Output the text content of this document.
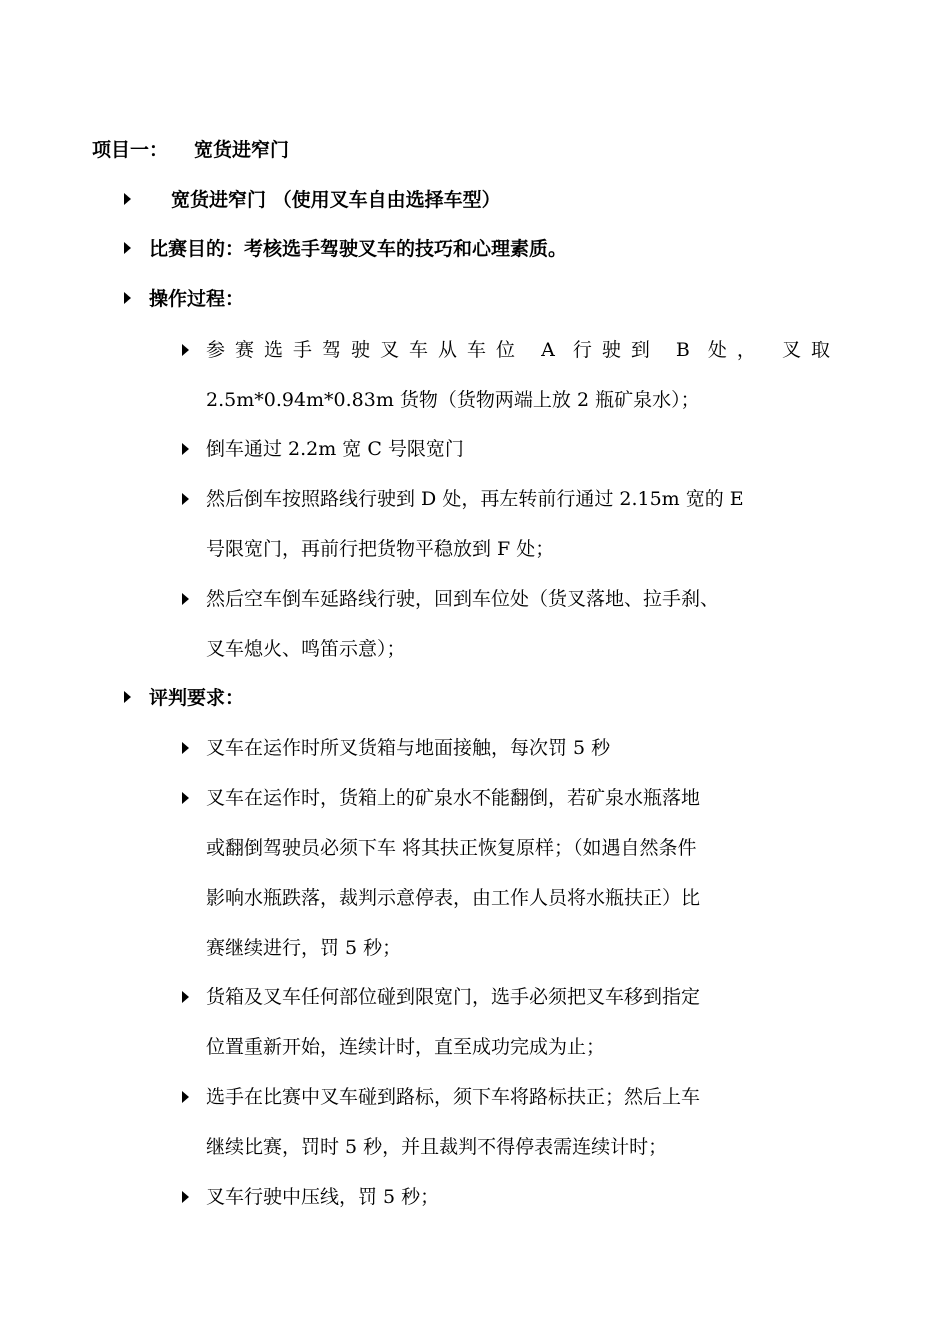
项目一： 宽货进窄门
宽货进窄门 （使用叉车自由选择车型）
比赛目的：考核选手驾驶叉车的技巧和心理素质。
操作过程：
参赛选手驾驶叉车从车位 A 行驶到 B 处， 叉取
2.5m*0.94m*0.83m 货物（货物两端上放 2 瓶矿泉水）；
倒车通过 2.2m 宽 C 号限宽门
然后倒车按照路线行驶到 D 处，再左转前行通过 2.15m 宽的 E
号限宽门，再前行把货物平稳放到 F 处；
然后空车倒车延路线行驶，回到车位处（货叉落地、拉手刹、
叉车熄火、鸣笛示意）；
评判要求：
叉车在运作时所叉货箱与地面接触，每次罚 5 秒
叉车在运作时，货箱上的矿泉水不能翻倒，若矿泉水瓶落地
或翻倒驾驶员必须下车 将其扶正恢复原样；（如遇自然条件
影响水瓶跌落，裁判示意停表，由工作人员将水瓶扶正）比
赛继续进行，罚 5 秒；
货箱及叉车任何部位碰到限宽门，选手必须把叉车移到指定
位置重新开始，连续计时，直至成功完成为止；
选手在比赛中叉车碰到路标，须下车将路标扶正；然后上车
继续比赛，罚时 5 秒，并且裁判不得停表需连续计时；
叉车行驶中压线，罚 5 秒；
